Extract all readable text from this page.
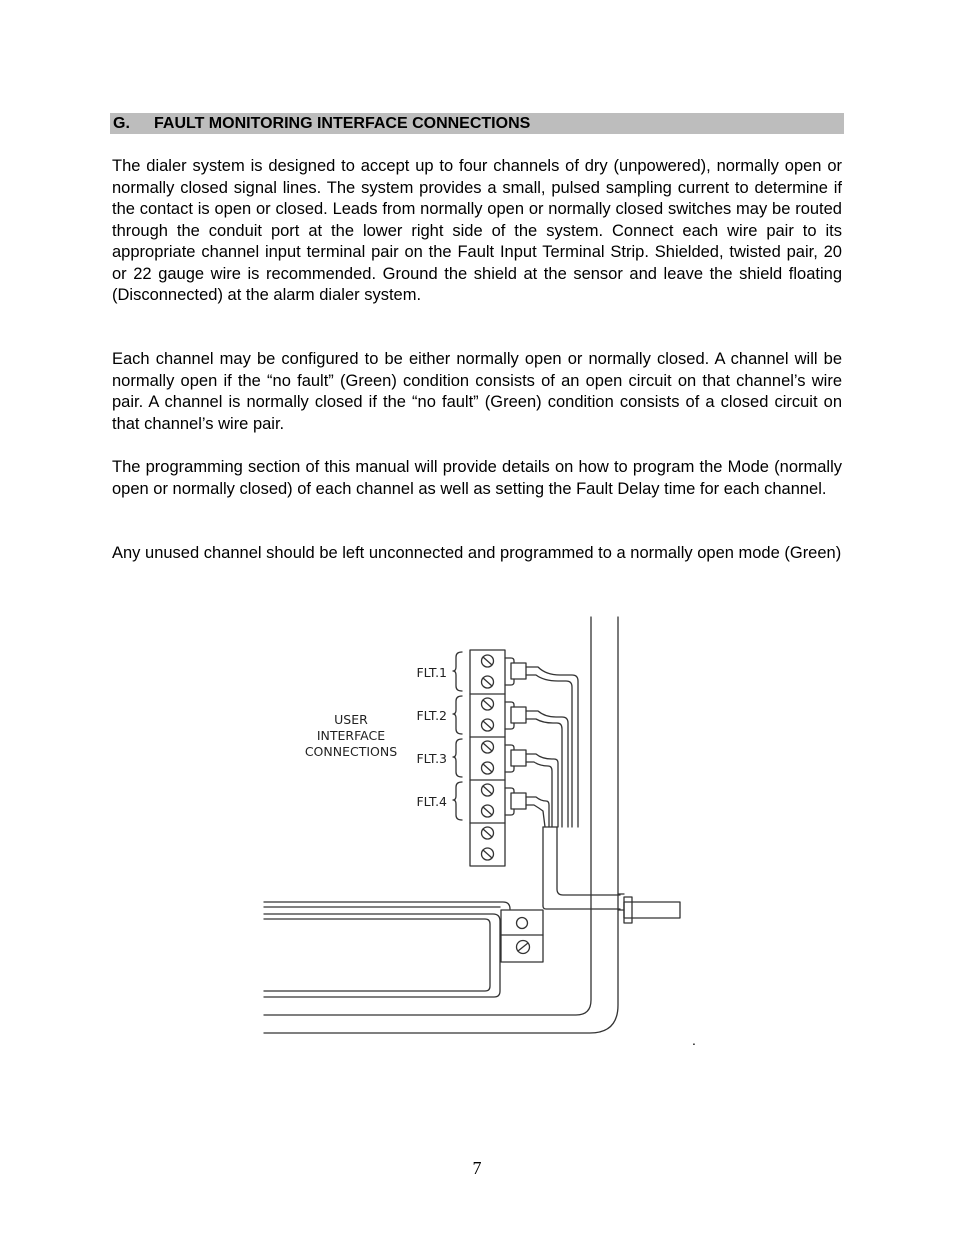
G. FAULT MONITORING INTERFACE CONNECTIONS

The dialer system is designed to accept up to four channels of dry (unpowered), normally open or normally closed signal lines. The system provides a small, pulsed sampling current to determine if the contact is open or closed. Leads from normally open or normally closed switches may be routed through the conduit port at the lower right side of the system. Connect each wire pair to its appropriate channel input terminal pair on the Fault Input Terminal Strip. Shielded, twisted pair, 20 or 22 gauge wire is recommended. Ground the shield at the sensor and leave the shield floating (Disconnected) at the alarm dialer system.

Each channel may be configured to be either normally open or normally closed. A channel will be normally open if the “no fault” (Green) condition consists of an open circuit on that channel’s wire pair. A channel is normally closed if the “no fault” (Green) condition consists of a closed circuit on that channel’s wire pair.

The programming section of this manual will provide details on how to program the Mode (normally open or normally closed) of each channel as well as setting the Fault Delay time for each channel.

Any unused channel should be left unconnected and programmed to a normally open mode (Green)

USER
INTERFACE
CONNECTIONS
FLT.1
FLT.2
FLT.3
FLT.4
.
7
